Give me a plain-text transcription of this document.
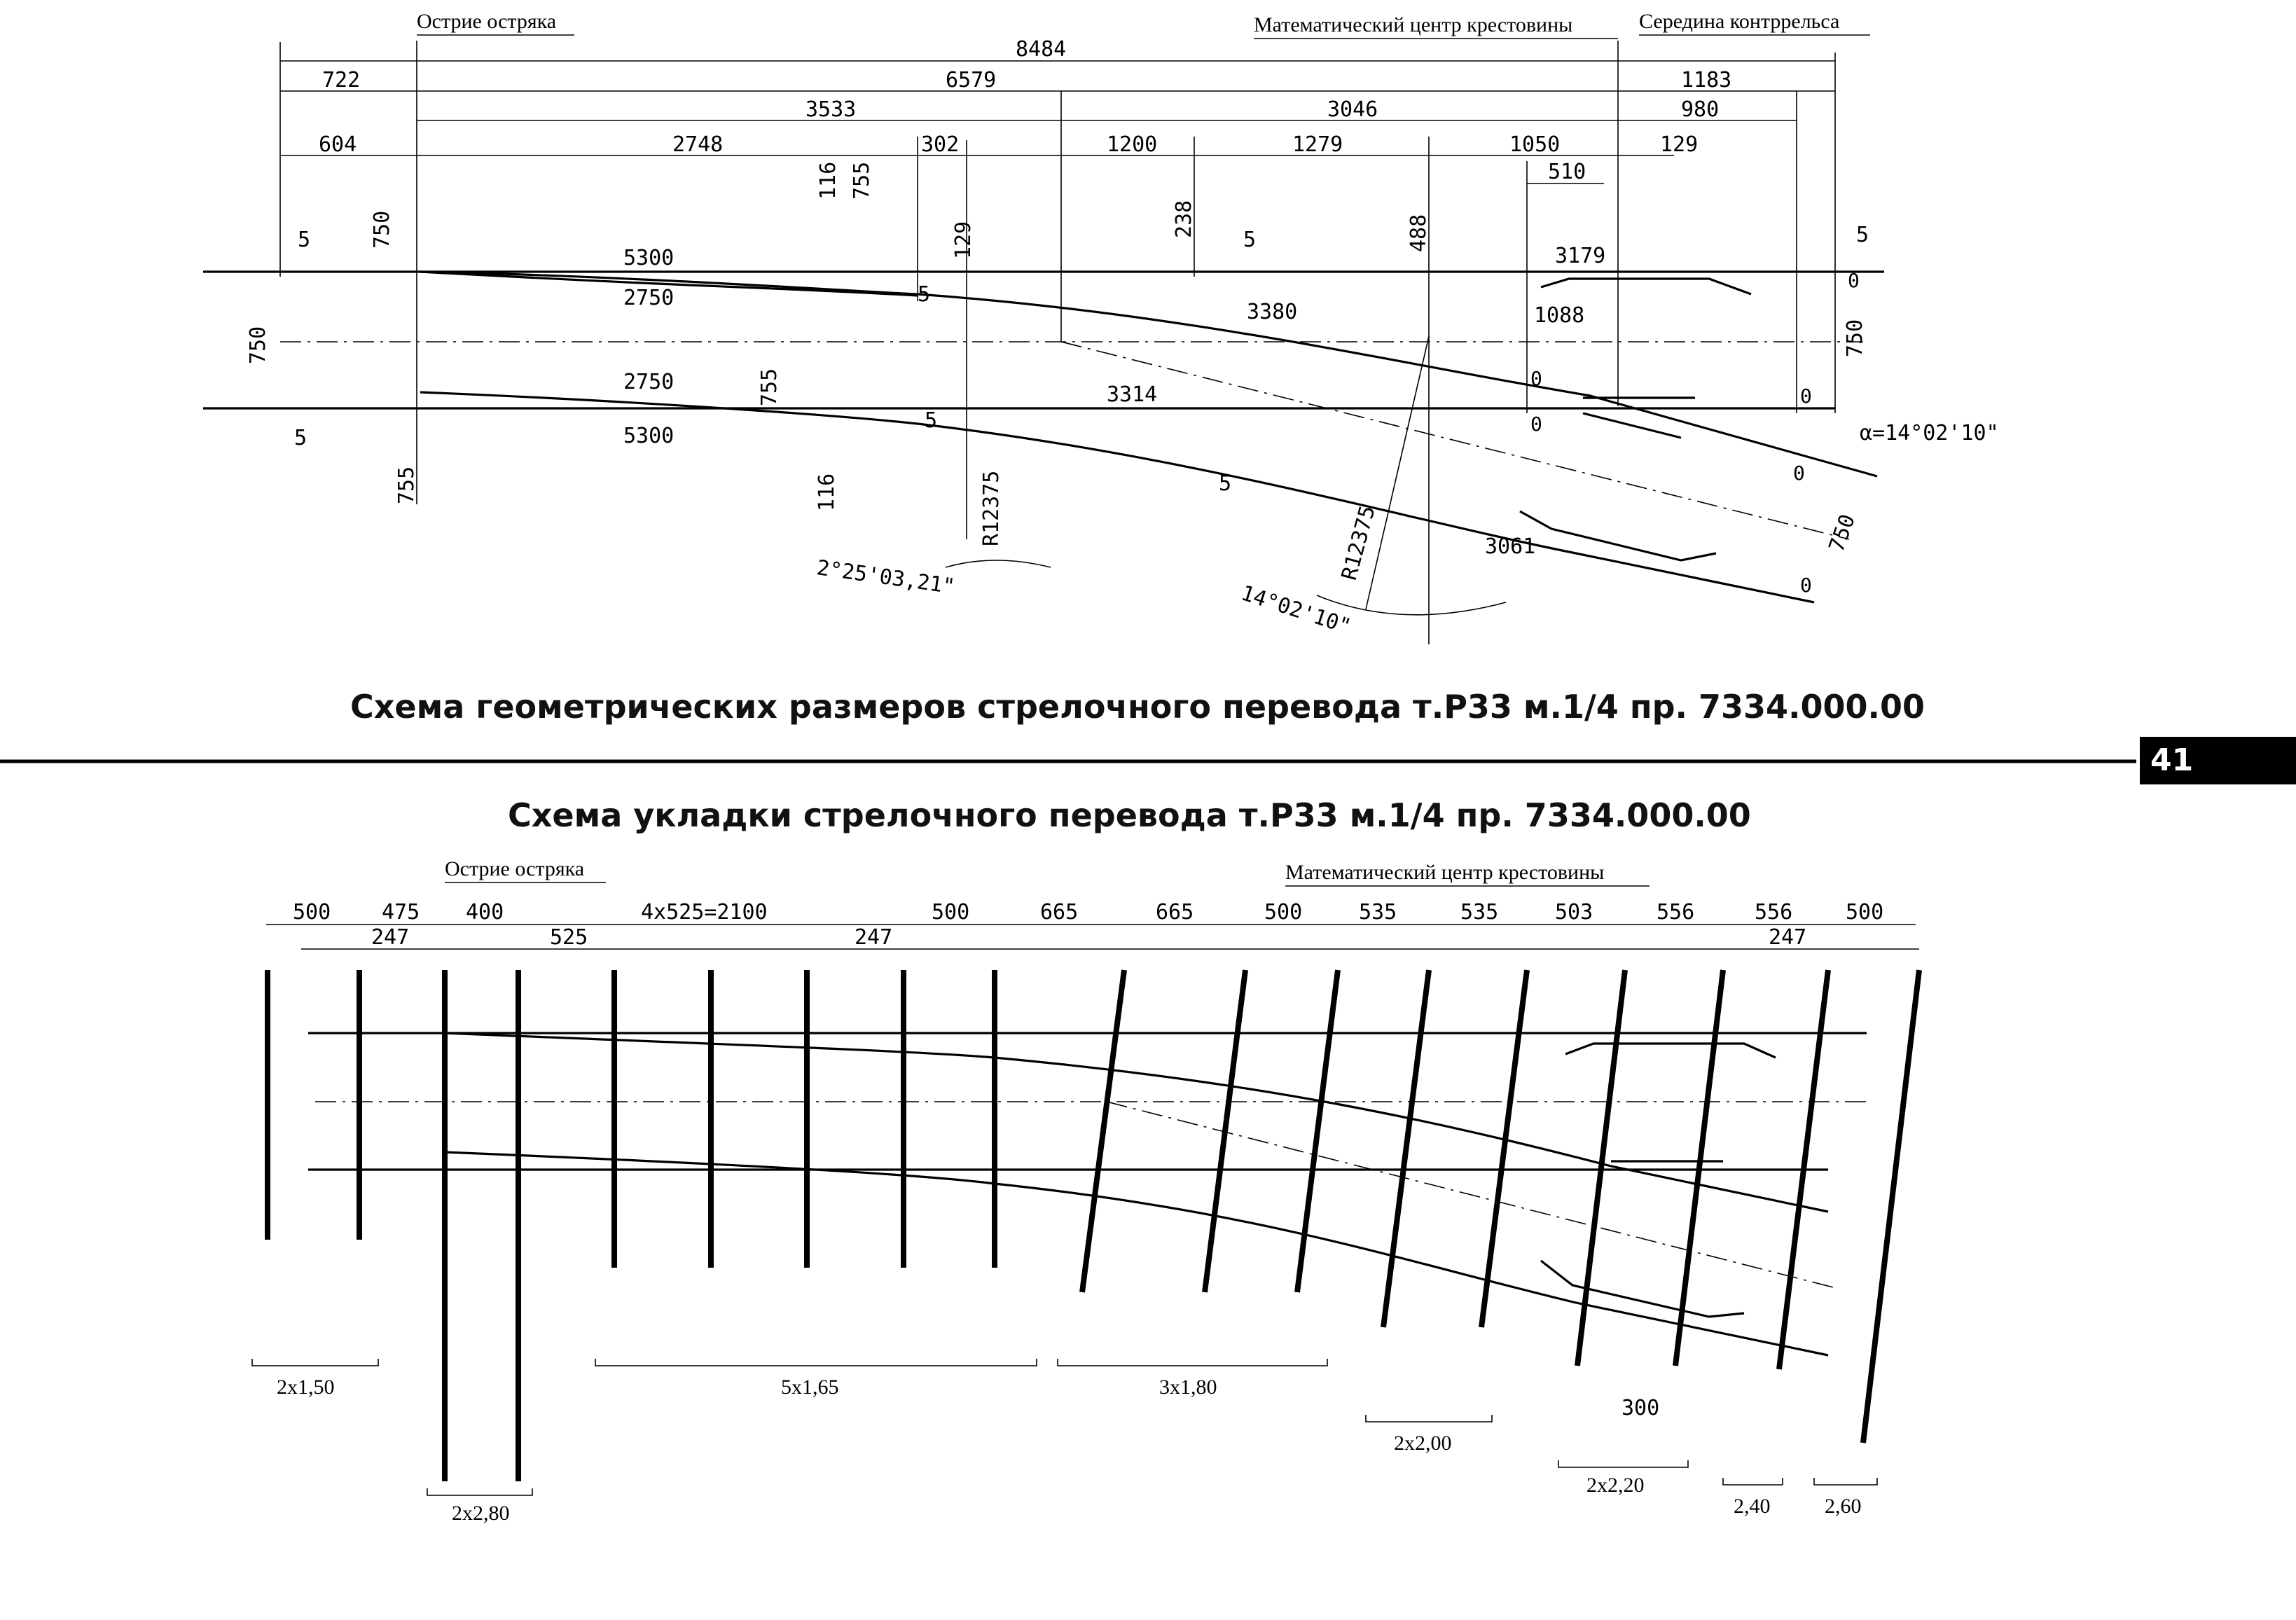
Острие остряка	Математический центр крестовины	Середина контррельса
8484
722	6579	1183
3533	3046	980
604	2748	302	1200	1279	1050	129
510
116 755
129
238	488
5	750
5
5	5
5
5
5
750	750
750
755
755	116
5300
2750
2750
5300
3380
3314
3179
1088
3061
0
0
0
0
0
0
R12375	R12375
2°25'03,21"
14°02'10"
α=14°02'10"
Схема геометрических размеров стрелочного перевода т.Р33 м.1/4 пр. 7334.000.00
41
Схема укладки стрелочного перевода т.Р33 м.1/4 пр. 7334.000.00
Острие остряка	Математический центр крестовины
500 475 400	4x525=2100	500	665	665	500	535	535	503	556	556	500
247	525	247	247
300
2x1,50
2x2,80
5x1,65	3x1,80
2x2,00
2x2,20
2,40	2,60
